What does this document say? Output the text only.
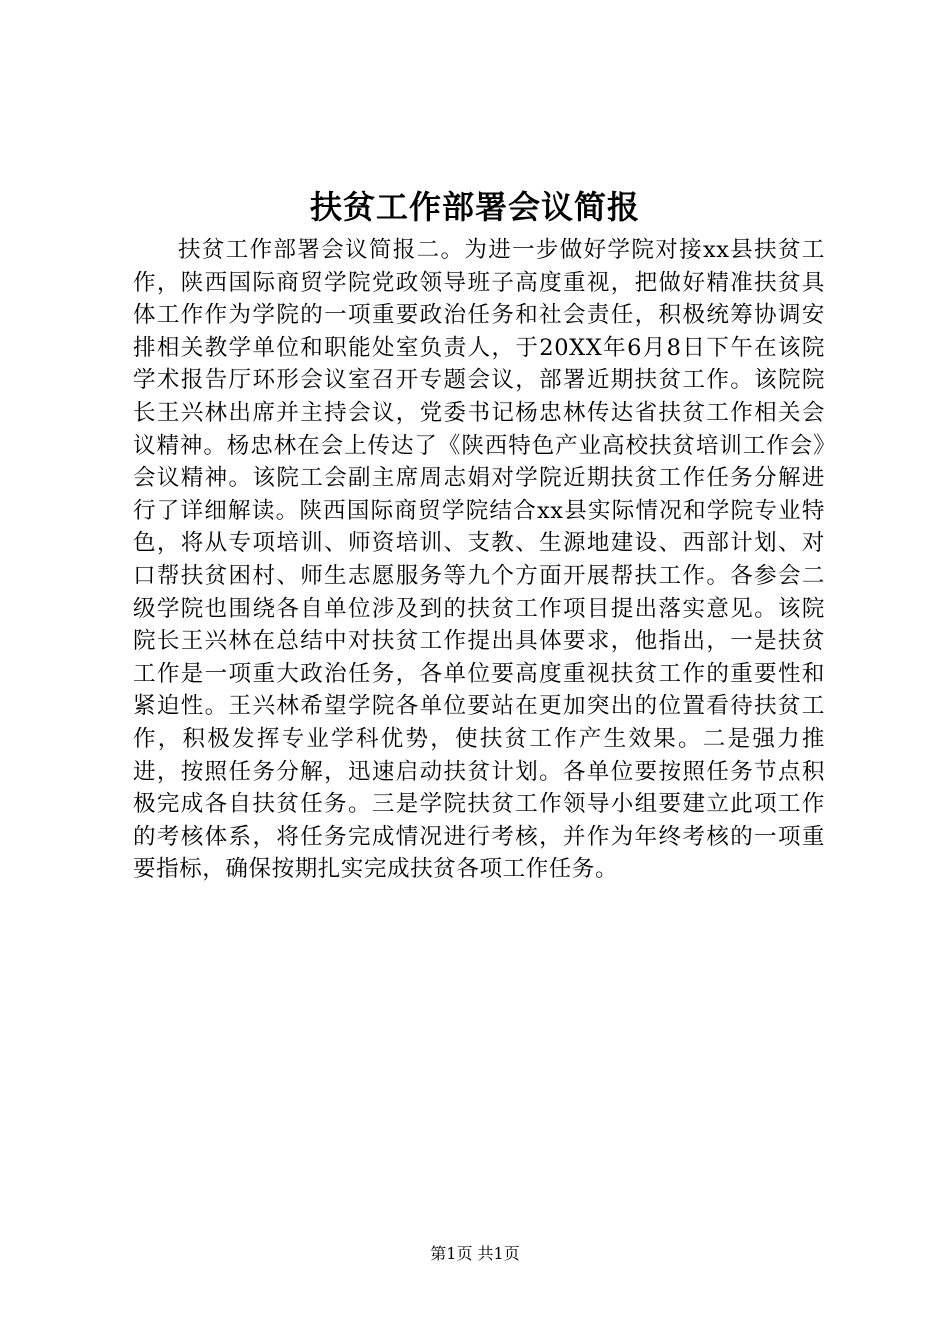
扶贫工作部署会议简报

扶贫工作部署会议简报二。为进一步做好学院对接xx县扶贫工作，陕西国际商贸学院党政领导班子高度重视，把做好精准扶贫具体工作作为学院的一项重要政治任务和社会责任，积极统筹协调安排相关教学单位和职能处室负责人，于20XX年6月8日下午在该院学术报告厅环形会议室召开专题会议，部署近期扶贫工作。该院院长王兴林出席并主持会议，党委书记杨忠林传达省扶贫工作相关会议精神。杨忠林在会上传达了《陕西特色产业高校扶贫培训工作会》会议精神。该院工会副主席周志娟对学院近期扶贫工作任务分解进行了详细解读。陕西国际商贸学院结合xx县实际情况和学院专业特色，将从专项培训、师资培训、支教、生源地建设、西部计划、对口帮扶贫困村、师生志愿服务等九个方面开展帮扶工作。各参会二级学院也围绕各自单位涉及到的扶贫工作项目提出落实意见。该院院长王兴林在总结中对扶贫工作提出具体要求，他指出，一是扶贫工作是一项重大政治任务，各单位要高度重视扶贫工作的重要性和紧迫性。王兴林希望学院各单位要站在更加突出的位置看待扶贫工作，积极发挥专业学科优势，使扶贫工作产生效果。二是强力推进，按照任务分解，迅速启动扶贫计划。各单位要按照任务节点积极完成各自扶贫任务。三是学院扶贫工作领导小组要建立此项工作的考核体系，将任务完成情况进行考核，并作为年终考核的一项重要指标，确保按期扎实完成扶贫各项工作任务。

第1页 共1页
